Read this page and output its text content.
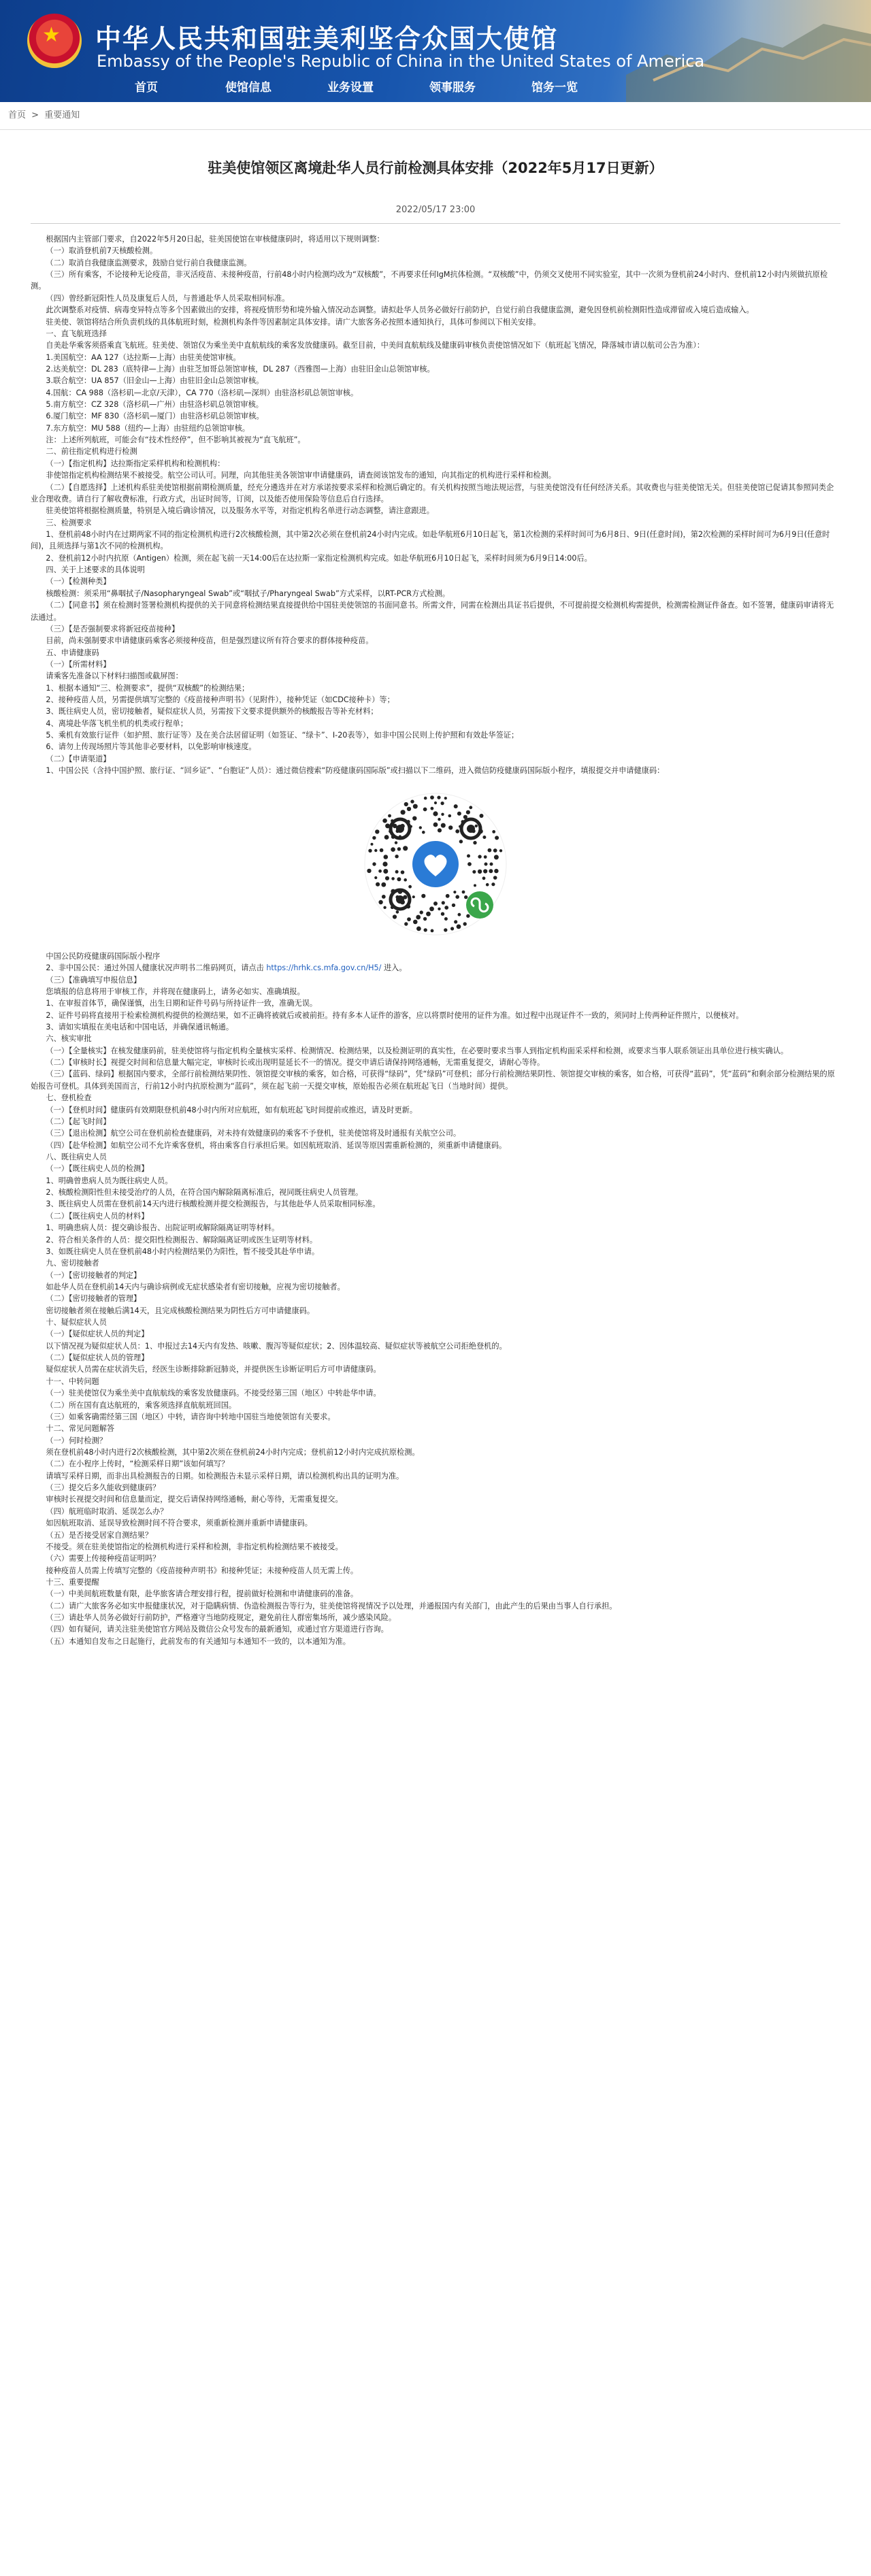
★ 中华人民共和国驻美利坚合众国大使馆
Embassy of the People's Republic of China in the United States of America
首页	使馆信息	业务设置	领事服务	馆务一览
首页 > 重要通知
驻美使馆领区离境赴华人员行前检测具体安排（2022年5月17日更新）
2022/05/17 23:00

根据国内主管部门要求，自2022年5月20日起，驻美国使馆在审核健康码时，将适用以下规则调整：

（一）取消登机前7天核酸检测。

（二）取消自我健康监测要求，鼓励自觉行前自我健康监测。

（三）所有乘客，不论接种无论疫苗，非灭活疫苗、未接种疫苗，行前48小时内检测均改为“双核酸”，不再要求任何IgM抗体检测。“双核酸”中，仍须交叉使用不同实验室，其中一次须为登机前24小时内、登机前12小时内须做抗原检测。

（四）曾经新冠阳性人员及康复后人员，与普通赴华人员采取相同标准。

此次调整系对疫情、病毒变异特点等多个因素做出的安排，将视疫情形势和境外输入情况动态调整。请拟赴华人员务必做好行前防护，自觉行前自我健康监测，避免因登机前检测阳性造成滞留或入境后造成输入。

驻美使、领馆将结合所负责机线的具体航班时刻，检测机构条件等因素制定具体安排。请广大旅客务必按照本通知执行，具体可参阅以下相关安排。

一、直飞航班选择

自美赴华乘客须搭乘直飞航班。驻美使、领馆仅为乘坐美中直航航线的乘客发放健康码。截至目前，中美间直航航线及健康码审核负责使馆情况如下（航班起飞情况，降落城市请以航司公告为准）：

1.美国航空：AA 127（达拉斯—上海）由驻美使馆审核。

2.达美航空：DL 283（底特律—上海）由驻芝加哥总领馆审核，DL 287（西雅图—上海）由驻旧金山总领馆审核。

3.联合航空：UA 857（旧金山—上海）由驻旧金山总领馆审核。

4.国航：CA 988（洛杉矶—北京/天津），CA 770（洛杉矶—深圳）由驻洛杉矶总领馆审核。

5.南方航空：CZ 328（洛杉矶—广州）由驻洛杉矶总领馆审核。

6.厦门航空：MF 830（洛杉矶—厦门）由驻洛杉矶总领馆审核。

7.东方航空：MU 588（纽约—上海）由驻纽约总领馆审核。

注：上述所列航班，可能会有“技术性经停”，但不影响其被视为“直飞航班”。

二、前往指定机构进行检测

（一）【指定机构】达拉斯指定采样机构和检测机构：

非使馆指定机构检测结果不被接受。航空公司认可。同理，向其他驻美各领馆审申请健康码，请查阅该馆发布的通知，向其指定的机构进行采样和检测。

（二）【自愿选择】上述机构系驻美使馆根据前期检测质量，经充分遴选并在对方承诺按要求采样和检测后确定的。有关机构按照当地法规运营，与驻美使馆没有任何经济关系。其收费也与驻美使馆无关。但驻美使馆已促请其参照同类企业合理收费。请自行了解收费标准，行政方式，出证时间等，订阅，以及能否使用保险等信息后自行选择。

驻美使馆将根据检测质量，特别是入境后确诊情况，以及服务水平等，对指定机构名单进行动态调整，请注意跟进。

三、检测要求

1、登机前48小时内在过期两家不同的指定检测机构进行2次核酸检测，其中第2次必须在登机前24小时内完成。如赴华航班6月10日起飞，第1次检测的采样时间可为6月8日、9日(任意时间)，第2次检测的采样时间可为6月9日(任意时间)，且须选择与第1次不同的检测机构。

2、登机前12小时内抗原（Antigen）检测，须在起飞前一天14:00后在达拉斯一家指定检测机构完成。如赴华航班6月10日起飞，采样时间须为6月9日14:00后。

四、关于上述要求的具体说明

（一）【检测种类】

核酸检测：须采用“鼻咽拭子/Nasopharyngeal Swab”或“咽拭子/Pharyngeal Swab”方式采样，以RT-PCR方式检测。

（二）【同意书】须在检测时签署检测机构提供的关于同意将检测结果直接提供给中国驻美使领馆的书面同意书。所需文件，同需在检测出具证书后提供，不可提前提交检测机构需提供，检测需检测证件备查。如不签署，健康码审请将无法通过。

（三）【是否强制要求将新冠疫苗接种】

目前，尚未强制要求申请健康码乘客必须接种疫苗，但是强烈建议所有符合要求的群体接种疫苗。

五、申请健康码

（一）【所需材料】

请乘客先准备以下材料扫描图或截屏图：

1、根据本通知“三、检测要求”，提供“双核酸”的检测结果；

2、接种疫苗人员，另需提供填写完整的《疫苗接种声明书》（见附件），接种凭证（如CDC接种卡）等；

3、既往病史人员，密切接触者，疑似症状人员，另需按下文要求提供额外的核酸报告等补充材料；

4、离境赴华落飞机坐机的机类或行程单；

5、乘机有效旅行证件（如护照、旅行证等）及在美合法居留证明（如签证、“绿卡”、I-20表等），如非中国公民则上传护照和有效赴华签证；

6、请勿上传现场照片等其他非必要材料，以免影响审核速度。

（二）【申请渠道】

1、中国公民（含持中国护照、旅行证、“回乡证”、“台胞证”人员）：通过微信搜索“防疫健康码国际版”或扫描以下二维码，进入微信防疫健康码国际版小程序，填报提交并申请健康码：

中国公民防疫健康码国际版小程序

2、非中国公民：通过外国人健康状况声明书二维码网页，请点击 https://hrhk.cs.mfa.gov.cn/H5/ 进入。

（三）【准确填写申报信息】

您填报的信息将用于审核工作，并将现在健康码上，请务必如实、准确填报。

1、在审报首体节，确保谨慎，出生日期和证件号码与所持证件一致，准确无误。

2、证件号码将直接用于检索检测机构提供的检测结果，如不正确将被就后或被前拒。持有多本人证件的游客，应以将票时使用的证件为准。如过程中出现证件不一致的，须同时上传两种证件照片，以便核对。

3、请如实填报在美电话和中国电话，并确保通讯畅通。

六、核实审批

（一）【全量核实】在核发健康码前，驻美使馆将与指定机构全量核实采样、检测情况、检测结果，以及检测证明的真实性，在必要时要求当事人到指定机构面采采样和检测，或要求当事人联系领证出具单位进行核实确认。

（二）【审核时长】视提交时间和信息量大幅完定，审核时长或出现明显延长不一的情况。提交申请后请保持网络通畅，无需重复提交，请耐心等待。

（三）【蓝码、绿码】根据国内要求，全部行前检测结果阴性、领馆提交审核的乘客，如合格，可获得“绿码”，凭“绿码”可登机；部分行前检测结果阴性、领馆提交审核的乘客，如合格，可获得“蓝码”，凭“蓝码”和剩余部分检测结果的原始报告可登机。具体到美国而言，行前12小时内抗原检测为“蓝码”，须在起飞前一天提交审核，原始报告必须在航班起飞日（当地时间）提供。

七、登机检查

（一）【登机时间】健康码有效期限登机前48小时内所对应航班，如有航班起飞时间提前或推迟，请及时更新。

（二）【起飞时间】

（三）【退出检测】航空公司在登机前检查健康码，对未持有效健康码的乘客不予登机，驻美使馆将及时通报有关航空公司。

（四）【赴华检测】如航空公司不允许乘客登机，将由乘客自行承担后果。如因航班取消、延误等原因需重新检测的，须重新申请健康码。

八、既往病史人员

（一）【既往病史人员的检测】

1、明确曾患病人员为既往病史人员。

2、核酸检测阳性但未接受治疗的人员，在符合国内解除隔离标准后，视同既往病史人员管理。

3、既往病史人员需在登机前14天内进行核酸检测并提交检测报告，与其他赴华人员采取相同标准。

（二）【既往病史人员的材料】

1、明确患病人员：提交确诊报告、出院证明或解除隔离证明等材料。

2、符合相关条件的人员：提交阳性检测报告、解除隔离证明或医生证明等材料。

3、如既往病史人员在登机前48小时内检测结果仍为阳性，暂不接受其赴华申请。

九、密切接触者

（一）【密切接触者的判定】

如赴华人员在登机前14天内与确诊病例或无症状感染者有密切接触，应视为密切接触者。

（二）【密切接触者的管理】

密切接触者须在接触后满14天，且完成核酸检测结果为阴性后方可申请健康码。

十、疑似症状人员

（一）【疑似症状人员的判定】

以下情况视为疑似症状人员：1、申报过去14天内有发热、咳嗽、腹泻等疑似症状；2、因体温较高、疑似症状等被航空公司拒绝登机的。

（二）【疑似症状人员的管理】

疑似症状人员需在症状消失后，经医生诊断排除新冠肺炎，并提供医生诊断证明后方可申请健康码。

十一、中转问题

（一）驻美使馆仅为乘坐美中直航航线的乘客发放健康码。不接受经第三国（地区）中转赴华申请。

（二）所在国有直达航班的，乘客须选择直航航班回国。

（三）如乘客确需经第三国（地区）中转，请咨询中转地中国驻当地使领馆有关要求。

十二、常见问题解答

（一）何时检测？

须在登机前48小时内进行2次核酸检测，其中第2次须在登机前24小时内完成；登机前12小时内完成抗原检测。

（二）在小程序上传时，“检测采样日期”该如何填写？

请填写采样日期，而非出具检测报告的日期。如检测报告未显示采样日期，请以检测机构出具的证明为准。

（三）提交后多久能收到健康码？

审核时长视提交时间和信息量而定，提交后请保持网络通畅，耐心等待，无需重复提交。

（四）航班临时取消、延误怎么办？

如因航班取消、延误导致检测时间不符合要求，须重新检测并重新申请健康码。

（五）是否接受居家自测结果？

不接受。须在驻美使馆指定的检测机构进行采样和检测，非指定机构检测结果不被接受。

（六）需要上传接种疫苗证明吗？

接种疫苗人员需上传填写完整的《疫苗接种声明书》和接种凭证；未接种疫苗人员无需上传。

十三、重要提醒

（一）中美间航班数量有限，赴华旅客请合理安排行程，提前做好检测和申请健康码的准备。

（二）请广大旅客务必如实申报健康状况，对于隐瞒病情、伪造检测报告等行为，驻美使馆将视情况予以处理，并通报国内有关部门，由此产生的后果由当事人自行承担。

（三）请赴华人员务必做好行前防护，严格遵守当地防疫规定，避免前往人群密集场所，减少感染风险。

（四）如有疑问，请关注驻美使馆官方网站及微信公众号发布的最新通知，或通过官方渠道进行咨询。

（五）本通知自发布之日起施行，此前发布的有关通知与本通知不一致的，以本通知为准。
